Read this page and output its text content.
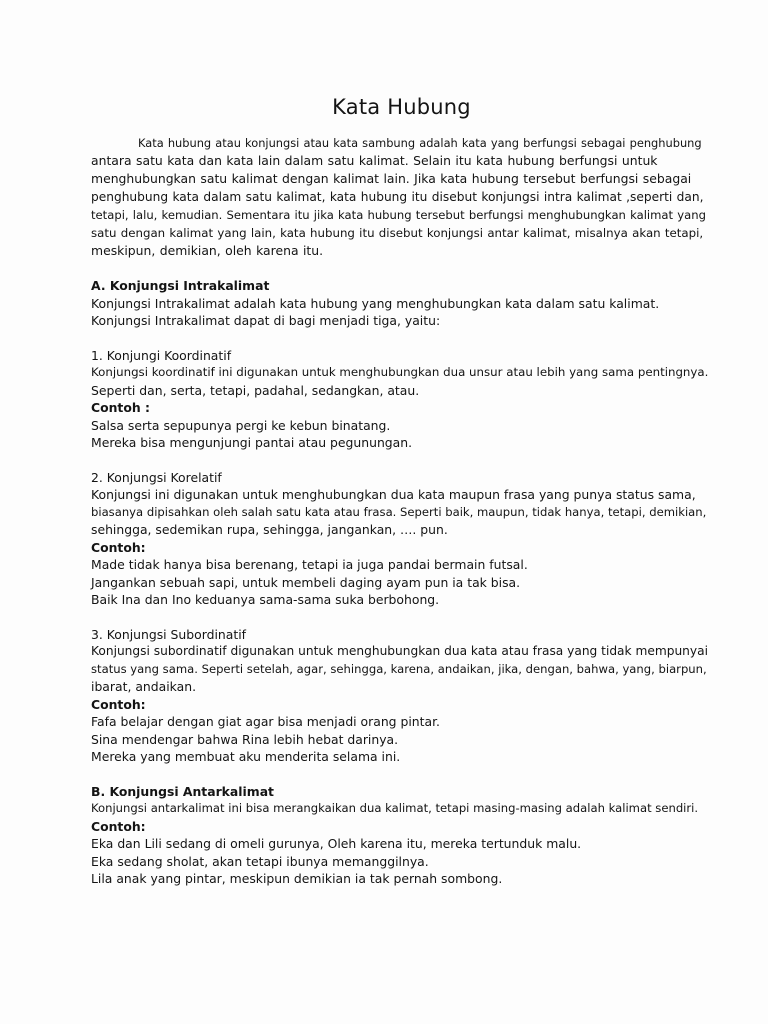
Kata Hubung
Kata hubung atau konjungsi atau kata sambung adalah kata yang berfungsi sebagai penghubung
antara satu kata dan kata lain dalam satu kalimat. Selain itu kata hubung berfungsi untuk
menghubungkan satu kalimat dengan kalimat lain. Jika kata hubung tersebut berfungsi sebagai
penghubung kata dalam satu kalimat, kata hubung itu disebut konjungsi intra kalimat ,seperti dan,
tetapi, lalu, kemudian. Sementara itu jika kata hubung tersebut berfungsi menghubungkan kalimat yang
satu dengan kalimat yang lain, kata hubung itu disebut konjungsi antar kalimat, misalnya akan tetapi,
meskipun, demikian, oleh karena itu.
A. Konjungsi Intrakalimat
Konjungsi Intrakalimat adalah kata hubung yang menghubungkan kata dalam satu kalimat.
Konjungsi Intrakalimat dapat di bagi menjadi tiga, yaitu:
1. Konjungi Koordinatif
Konjungsi koordinatif ini digunakan untuk menghubungkan dua unsur atau lebih yang sama pentingnya.
Seperti dan, serta, tetapi, padahal, sedangkan, atau.
Contoh :
Salsa serta sepupunya pergi ke kebun binatang.
Mereka bisa mengunjungi pantai atau pegunungan.
2. Konjungsi Korelatif
Konjungsi ini digunakan untuk menghubungkan dua kata maupun frasa yang punya status sama,
biasanya dipisahkan oleh salah satu kata atau frasa. Seperti baik, maupun, tidak hanya, tetapi, demikian,
sehingga, sedemikan rupa, sehingga, jangankan, …. pun.
Contoh:
Made tidak hanya bisa berenang, tetapi ia juga pandai bermain futsal.
Jangankan sebuah sapi, untuk membeli daging ayam pun ia tak bisa.
Baik Ina dan Ino keduanya sama-sama suka berbohong.
3. Konjungsi Subordinatif
Konjungsi subordinatif digunakan untuk menghubungkan dua kata atau frasa yang tidak mempunyai
status yang sama. Seperti setelah, agar, sehingga, karena, andaikan, jika, dengan, bahwa, yang, biarpun,
ibarat, andaikan.
Contoh:
Fafa belajar dengan giat agar bisa menjadi orang pintar.
Sina mendengar bahwa Rina lebih hebat darinya.
Mereka yang membuat aku menderita selama ini.
B. Konjungsi Antarkalimat
Konjungsi antarkalimat ini bisa merangkaikan dua kalimat, tetapi masing-masing adalah kalimat sendiri.
Contoh:
Eka dan Lili sedang di omeli gurunya, Oleh karena itu, mereka tertunduk malu.
Eka sedang sholat, akan tetapi ibunya memanggilnya.
Lila anak yang pintar, meskipun demikian ia tak pernah sombong.
